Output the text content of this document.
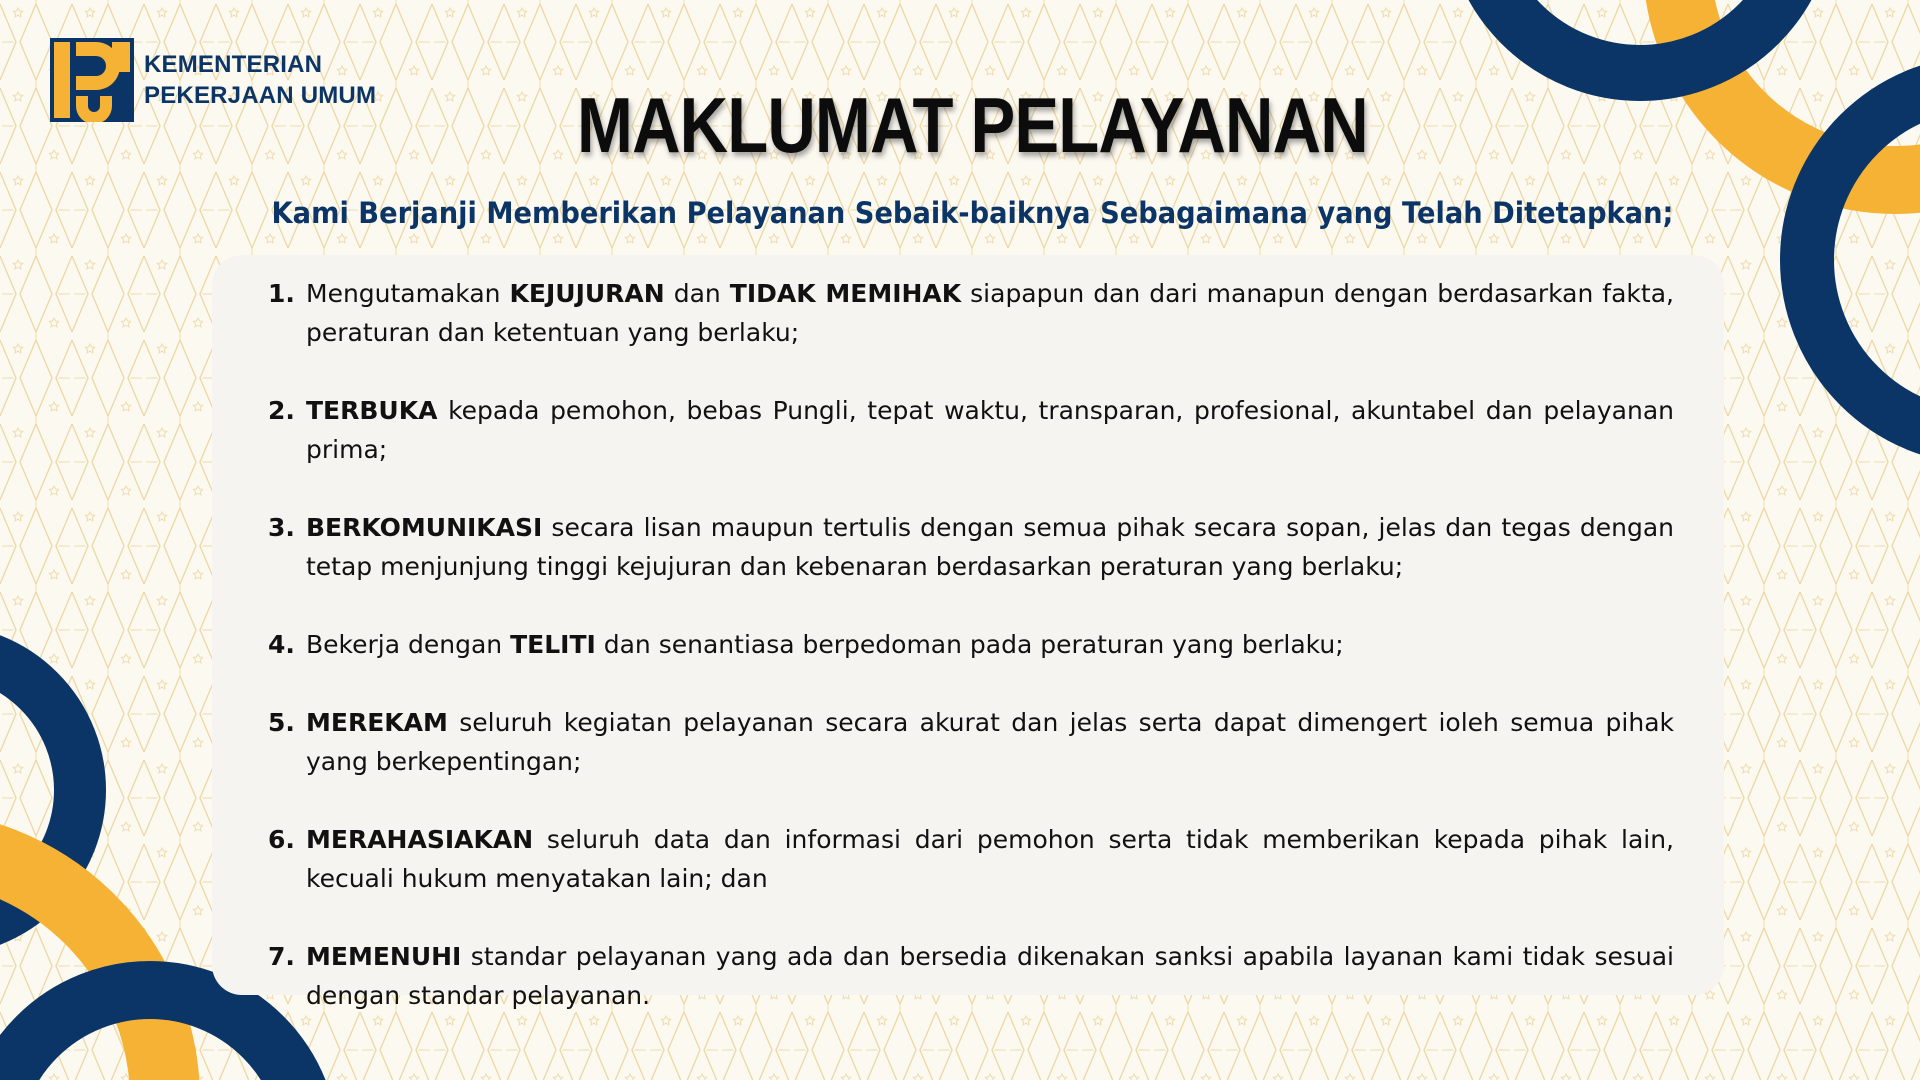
KEMENTERIAN
PEKERJAAN UMUM	MAKLUMAT PELAYANAN
Kami Berjanji Memberikan Pelayanan Sebaik-baiknya Sebagaimana yang Telah Ditetapkan;
1. Mengutamakan KEJUJURAN dan TIDAK MEMIHAK siapapun dan dari manapun dengan berdasarkan fakta, peraturan dan ketentuan yang berlaku;
2. TERBUKA kepada pemohon, bebas Pungli, tepat waktu, transparan, profesional, akuntabel dan pelayanan prima;
3. BERKOMUNIKASI secara lisan maupun tertulis dengan semua pihak secara sopan, jelas dan tegas dengan tetap menjunjung tinggi kejujuran dan kebenaran berdasarkan peraturan yang berlaku;
4. Bekerja dengan TELITI dan senantiasa berpedoman pada peraturan yang berlaku;
5. MEREKAM seluruh kegiatan pelayanan secara akurat dan jelas serta dapat dimengert ioleh semua pihak yang berkepentingan;
6. MERAHASIAKAN seluruh data dan informasi dari pemohon serta tidak memberikan kepada pihak lain, kecuali hukum menyatakan lain; dan
7. MEMENUHI standar pelayanan yang ada dan bersedia dikenakan sanksi apabila layanan kami tidak sesuai dengan standar pelayanan.
